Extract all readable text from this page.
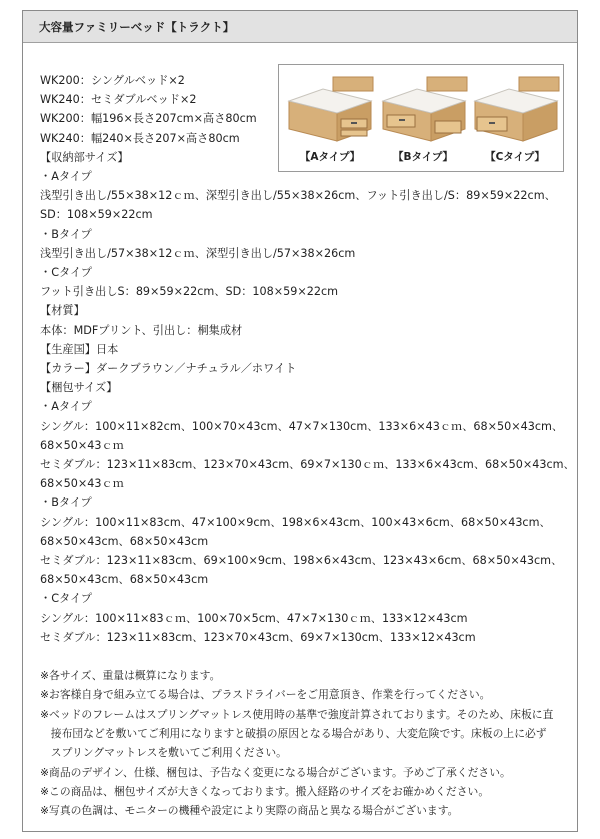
大容量ファミリーベッド【トラクト】
WK200：シングルベッド×2
WK240：セミダブルベッド×2
WK200：幅196×長さ207cm×高さ80cm
WK240：幅240×長さ207×高さ80cm
【収納部サイズ】
・Aタイプ
浅型引き出し/55×38×12ｃｍ、深型引き出し/55×38×26cm、フット引き出し/S：89×59×22cm、
SD：108×59×22cm
・Bタイプ
浅型引き出し/57×38×12ｃｍ、深型引き出し/57×38×26cm
・Cタイプ
フット引き出しS：89×59×22cm、SD：108×59×22cm
【材質】
本体：MDFプリント、引出し：桐集成材
【生産国】日本
【カラー】ダークブラウン／ナチュラル／ホワイト
【梱包サイズ】
・Aタイプ
シングル：100×11×82cm、100×70×43cm、47×7×130cm、133×6×43ｃｍ、68×50×43cm、
68×50×43ｃｍ
セミダブル：123×11×83cm、123×70×43cm、69×7×130ｃｍ、133×6×43cm、68×50×43cm、
68×50×43ｃｍ
・Bタイプ
シングル：100×11×83cm、47×100×9cm、198×6×43cm、100×43×6cm、68×50×43cm、
68×50×43cm、68×50×43cm
セミダブル：123×11×83cm、69×100×9cm、198×6×43cm、123×43×6cm、68×50×43cm、
68×50×43cm、68×50×43cm
・Cタイプ
シングル：100×11×83ｃｍ、100×70×5cm、47×7×130ｃｍ、133×12×43cm
セミダブル：123×11×83cm、123×70×43cm、69×7×130cm、133×12×43cm
※各サイズ、重量は概算になります。
※お客様自身で組み立てる場合は、プラスドライバーをご用意頂き、作業を行ってください。
※ベッドのフレームはスプリングマットレス使用時の基準で強度計算されております。そのため、床板に直
　接布団などを敷いてご利用になりますと破損の原因となる場合があり、大変危険です。床板の上に必ず
　スプリングマットレスを敷いてご利用ください。
※商品のデザイン、仕様、梱包は、予告なく変更になる場合がございます。予めご了承ください。
※この商品は、梱包サイズが大きくなっております。搬入経路のサイズをお確かめください。
※写真の色調は、モニターの機種や設定により実際の商品と異なる場合がございます。
【Aタイプ】	【Bタイプ】	【Cタイプ】
